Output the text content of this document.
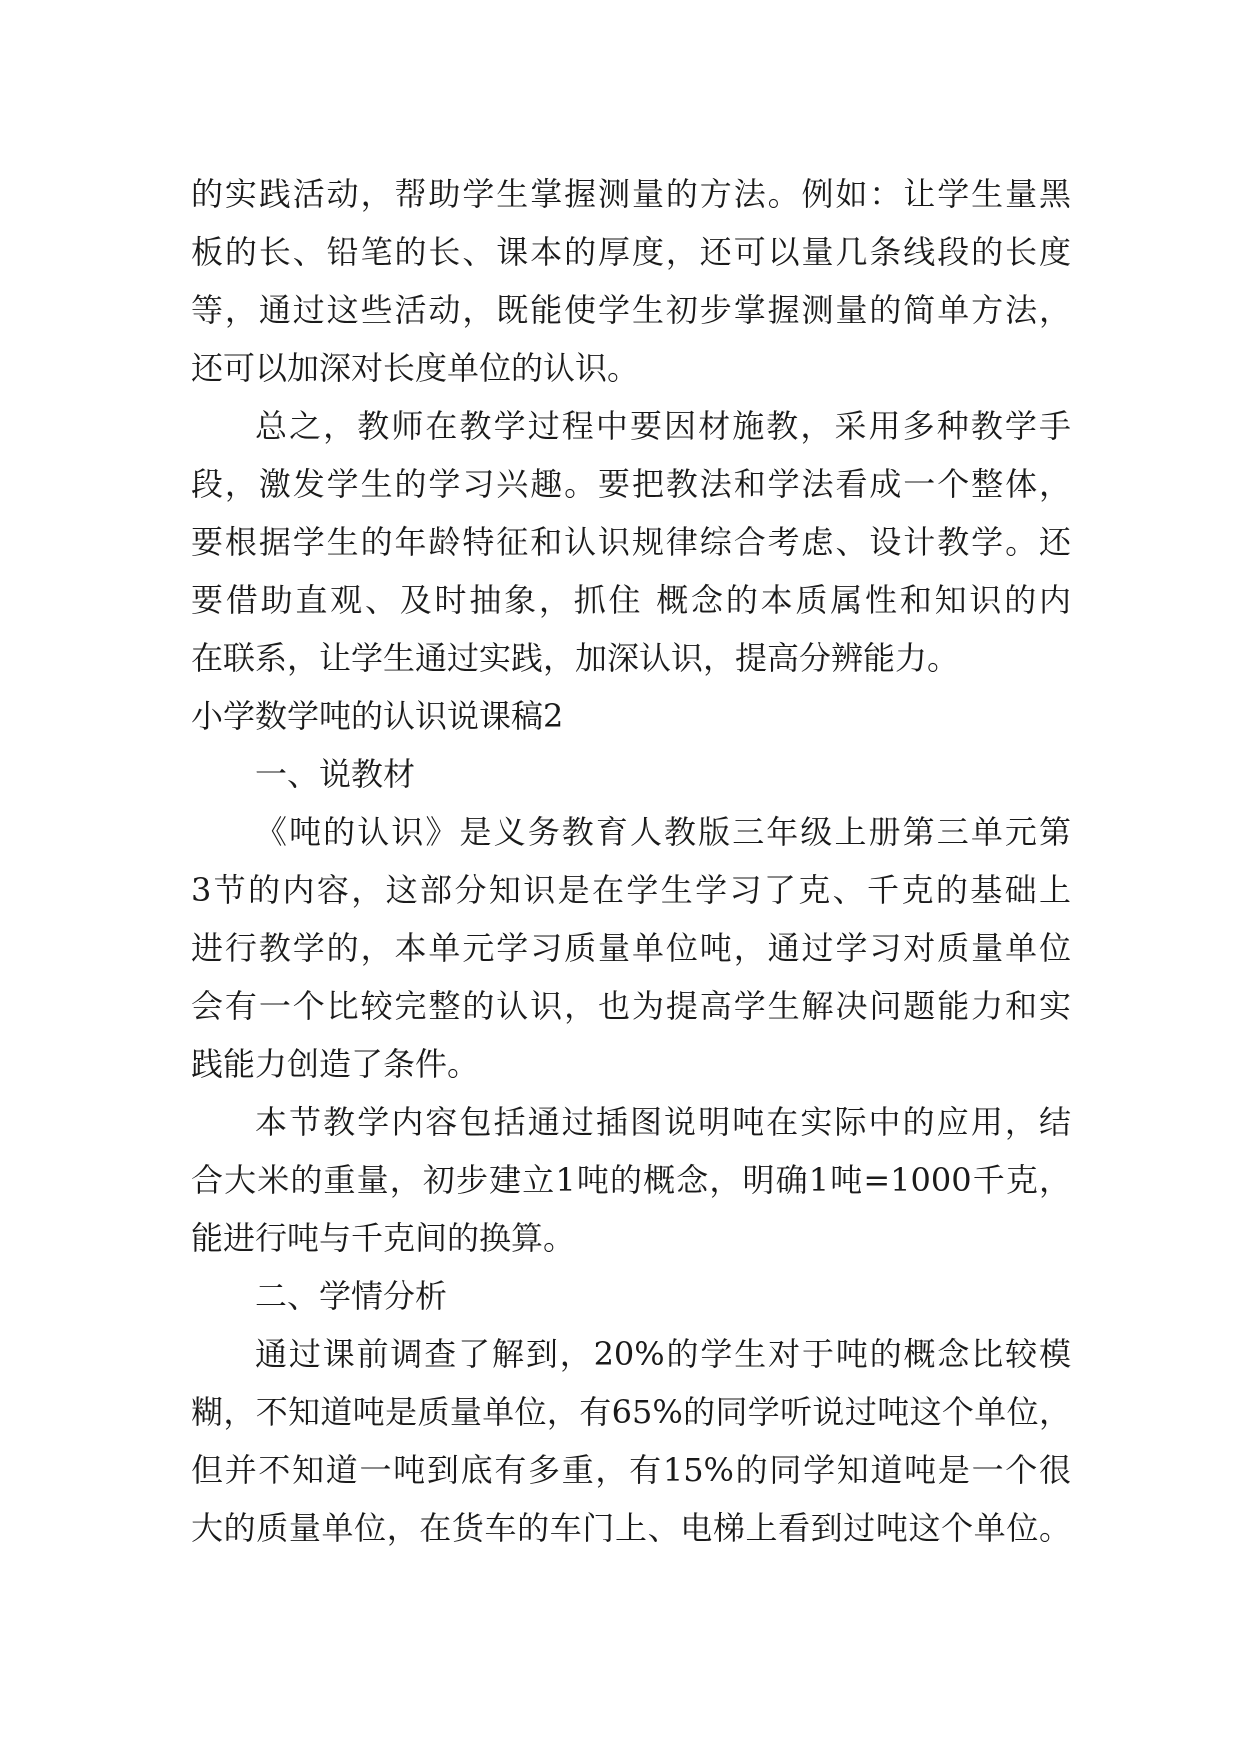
的实践活动，帮助学生掌握测量的方法。例如：让学生量黑
板的长、铅笔的长、课本的厚度，还可以量几条线段的长度
等，通过这些活动，既能使学生初步掌握测量的简单方法，
还可以加深对长度单位的认识。
总之，教师在教学过程中要因材施教，采用多种教学手
段，激发学生的学习兴趣。要把教法和学法看成一个整体，
要根据学生的年龄特征和认识规律综合考虑、设计教学。还
要借助直观、及时抽象，抓住 概念的本质属性和知识的内
在联系，让学生通过实践，加深认识，提高分辨能力。
小学数学吨的认识说课稿2
一、说教材
《吨的认识》是义务教育人教版三年级上册第三单元第
3节的内容，这部分知识是在学生学习了克、千克的基础上
进行教学的，本单元学习质量单位吨，通过学习对质量单位
会有一个比较完整的认识，也为提高学生解决问题能力和实
践能力创造了条件。
本节教学内容包括通过插图说明吨在实际中的应用，结
合大米的重量，初步建立1吨的概念，明确1吨=1000千克，
能进行吨与千克间的换算。
二、学情分析
通过课前调查了解到，20%的学生对于吨的概念比较模
糊，不知道吨是质量单位，有65%的同学听说过吨这个单位，
但并不知道一吨到底有多重，有15%的同学知道吨是一个很
大的质量单位，在货车的车门上、电梯上看到过吨这个单位。
